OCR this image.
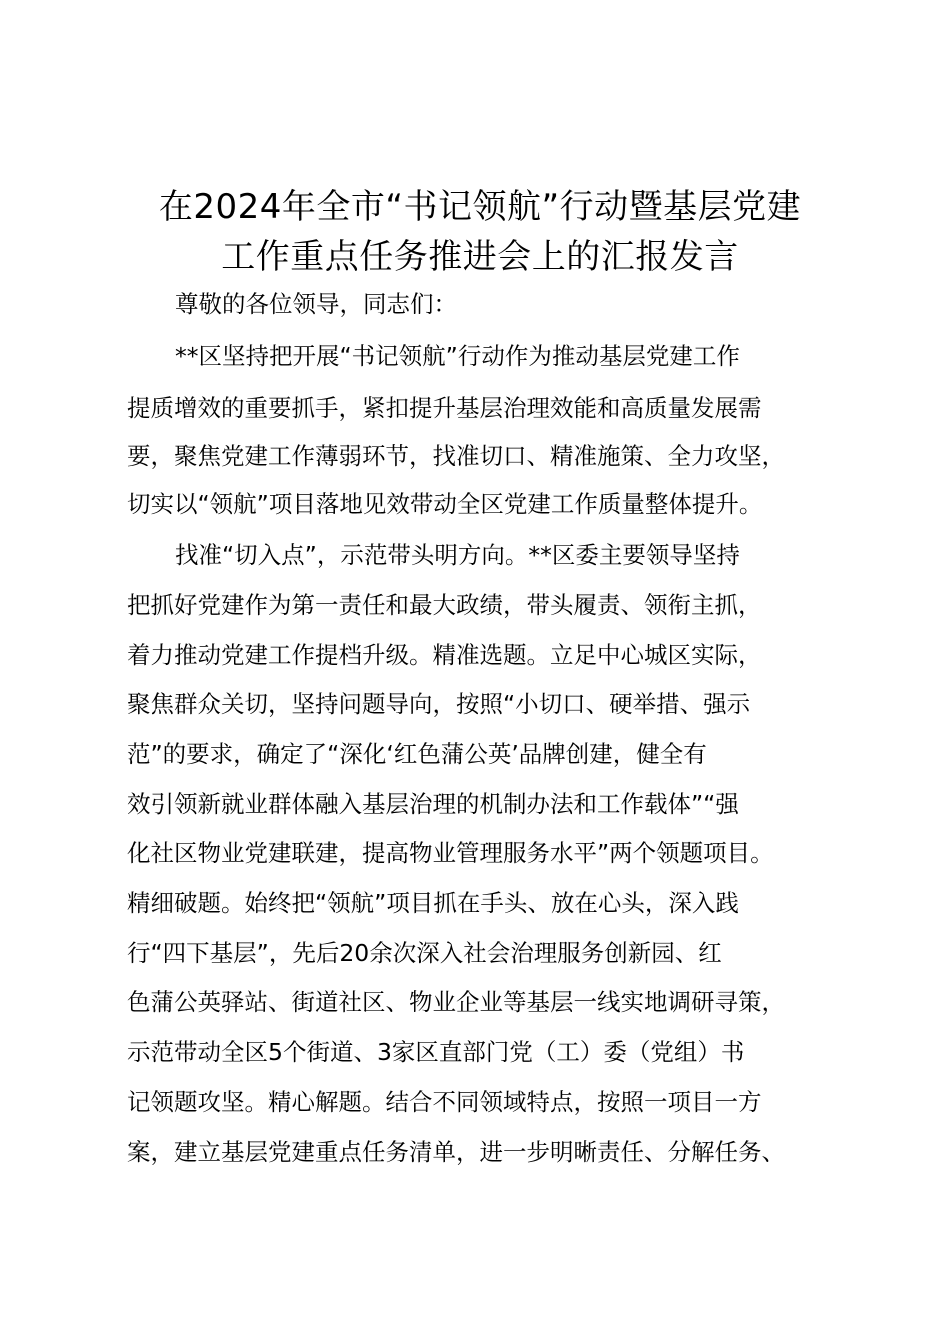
在2024年全市“书记领航”行动暨基层党建
工作重点任务推进会上的汇报发言
尊敬的各位领导，同志们：
**区坚持把开展“书记领航”行动作为推动基层党建工作
提质增效的重要抓手，紧扣提升基层治理效能和高质量发展需
要，聚焦党建工作薄弱环节，找准切口、精准施策、全力攻坚，
切实以“领航”项目落地见效带动全区党建工作质量整体提升。
找准“切入点”，示范带头明方向。**区委主要领导坚持
把抓好党建作为第一责任和最大政绩，带头履责、领衔主抓，
着力推动党建工作提档升级。精准选题。立足中心城区实际，
聚焦群众关切，坚持问题导向，按照“小切口、硬举措、强示
范”的要求，确定了“深化‘红色蒲公英’品牌创建，健全有
效引领新就业群体融入基层治理的机制办法和工作载体”“强
化社区物业党建联建，提高物业管理服务水平”两个领题项目。
精细破题。始终把“领航”项目抓在手头、放在心头，深入践
行“四下基层”，先后20余次深入社会治理服务创新园、红
色蒲公英驿站、街道社区、物业企业等基层一线实地调研寻策，
示范带动全区5个街道、3家区直部门党（工）委（党组）书
记领题攻坚。精心解题。结合不同领域特点，按照一项目一方
案，建立基层党建重点任务清单，进一步明晰责任、分解任务、
